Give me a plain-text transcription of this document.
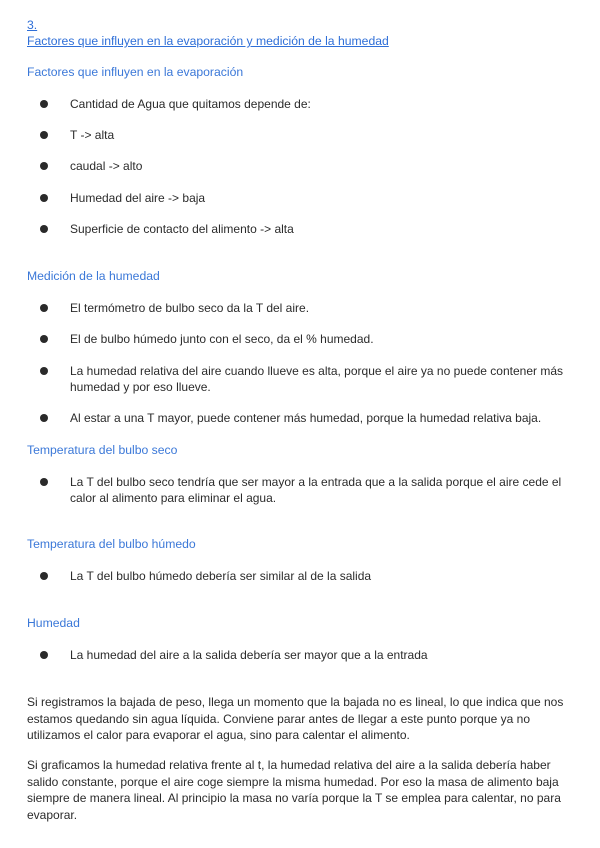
3.
Factores que influyen en la evaporación y medición de la humedad
Factores que influyen en la evaporación
Cantidad de Agua que quitamos depende de:
T -> alta
caudal -> alto
Humedad del aire -> baja
Superficie de contacto del alimento -> alta
Medición de la humedad
El termómetro de bulbo seco da la T del aire.
El de bulbo húmedo junto con el seco, da el % humedad.
La humedad relativa del aire cuando llueve es alta, porque el aire ya no puede contener más humedad y por eso llueve.
Al estar a una T mayor, puede contener más humedad, porque la humedad relativa baja.
Temperatura del bulbo seco
La T del bulbo seco tendría que ser mayor a la entrada que a la salida porque el aire cede el calor al alimento para eliminar el agua.
Temperatura del bulbo húmedo
La T del bulbo húmedo debería ser similar al de la salida
Humedad
La humedad del aire a la salida debería ser mayor que a la entrada

Si registramos la bajada de peso, llega un momento que la bajada no es lineal, lo que indica que nos estamos quedando sin agua líquida. Conviene parar antes de llegar a este punto porque ya no utilizamos el calor para evaporar el agua, sino para calentar el alimento.

Si graficamos la humedad relativa frente al t, la humedad relativa del aire a la salida debería haber salido constante, porque el aire coge siempre la misma humedad. Por eso la masa de alimento baja siempre de manera lineal. Al principio la masa no varía porque la T se emplea para calentar, no para evaporar.
